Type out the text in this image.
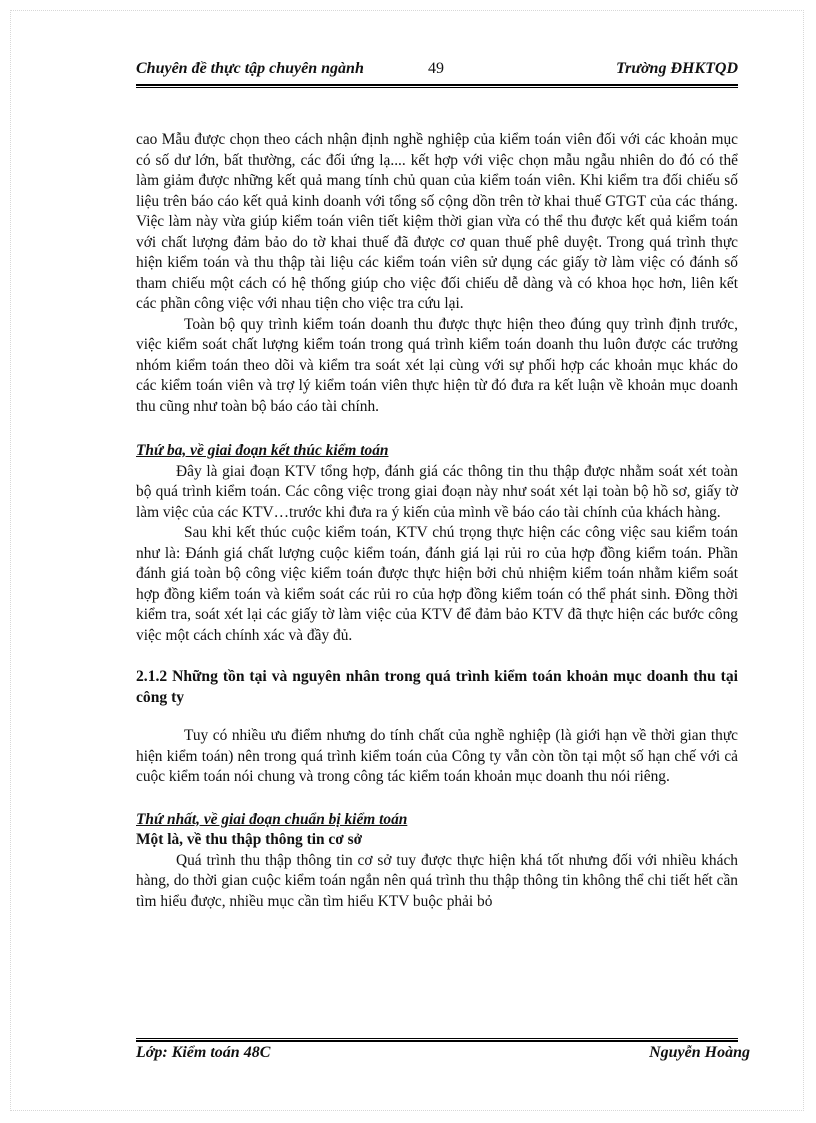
Chuyên đề thực tập chuyên ngành	49	Trường ĐHKTQD

cao Mẫu được chọn theo cách nhận định nghề nghiệp của kiểm toán viên đối với các khoản mục có số dư lớn, bất thường, các đối ứng lạ.... kết hợp với việc chọn mẫu ngẫu nhiên do đó có thể làm giảm được những kết quả mang tính chủ quan của kiểm toán viên. Khi kiểm tra đối chiếu số liệu trên báo cáo kết quả kinh doanh với tổng số cộng dồn trên tờ khai thuế GTGT của các tháng. Việc làm này vừa giúp kiểm toán viên tiết kiệm thời gian vừa có thể thu được kết quả kiểm toán với chất lượng đảm bảo do tờ khai thuế đã được cơ quan thuế phê duyệt. Trong quá trình thực hiện kiểm toán và thu thập tài liệu các kiểm toán viên sử dụng các giấy tờ làm việc có đánh số tham chiếu một cách có hệ thống giúp cho việc đối chiếu dễ dàng và có khoa học hơn, liên kết các phần công việc với nhau tiện cho việc tra cứu lại.

Toàn bộ quy trình kiểm toán doanh thu được thực hiện theo đúng quy trình định trước, việc kiểm soát chất lượng kiểm toán trong quá trình kiểm toán doanh thu luôn được các trưởng nhóm kiểm toán theo dõi và kiểm tra soát xét lại cùng với sự phối hợp các khoản mục khác do các kiểm toán viên và trợ lý kiểm toán viên thực hiện từ đó đưa ra kết luận về khoản mục doanh thu cũng như toàn bộ báo cáo tài chính.

Thứ ba, về giai đoạn kết thúc kiểm toán

Đây là giai đoạn KTV tổng hợp, đánh giá các thông tin thu thập được nhằm soát xét toàn bộ quá trình kiểm toán. Các công việc trong giai đoạn này như soát xét lại toàn bộ hồ sơ, giấy tờ làm việc của các KTV…trước khi đưa ra ý kiến của mình về báo cáo tài chính của khách hàng.

Sau khi kết thúc cuộc kiểm toán, KTV chú trọng thực hiện các công việc sau kiểm toán như là: Đánh giá chất lượng cuộc kiểm toán, đánh giá lại rủi ro của hợp đồng kiểm toán. Phần đánh giá toàn bộ công việc kiểm toán được thực hiện bởi chủ nhiệm kiểm toán nhằm kiểm soát hợp đồng kiểm toán và kiểm soát các rủi ro của hợp đồng kiểm toán có thể phát sinh. Đồng thời kiểm tra, soát xét lại các giấy tờ làm việc của KTV để đảm bảo KTV đã thực hiện các bước công việc một cách chính xác và đầy đủ.

2.1.2 Những tồn tại và nguyên nhân trong quá trình kiểm toán khoản mục doanh thu tại công ty

Tuy có nhiều ưu điểm nhưng do tính chất của nghề nghiệp (là giới hạn về thời gian thực hiện kiểm toán) nên trong quá trình kiểm toán của Công ty vẫn còn tồn tại một số hạn chế với cả cuộc kiểm toán nói chung và trong công tác kiểm toán khoản mục doanh thu nói riêng.

Thứ nhất, về giai đoạn chuẩn bị kiểm toán

Một là, về thu thập thông tin cơ sở

Quá trình thu thập thông tin cơ sở tuy được thực hiện khá tốt nhưng đối với nhiều khách hàng, do thời gian cuộc kiểm toán ngắn nên quá trình thu thập thông tin không thể chi tiết hết cần tìm hiểu được, nhiều mục cần tìm hiểu KTV buộc phải bỏ

Lớp: Kiểm toán 48C	Nguyễn Hoàng
